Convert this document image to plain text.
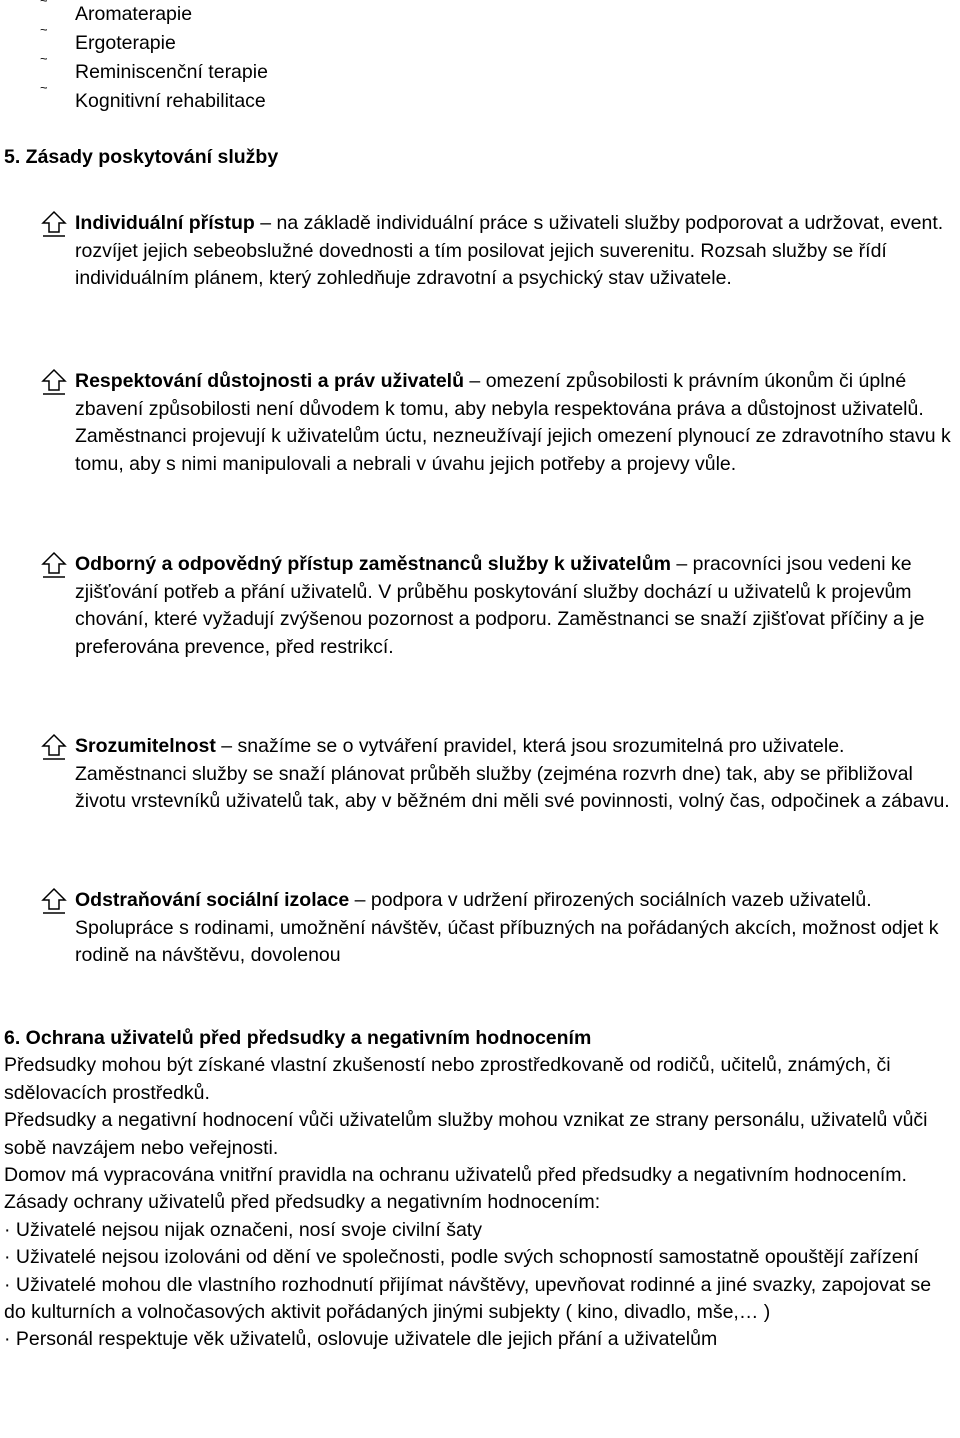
~
Aromaterapie
~
Ergoterapie
~
Reminiscenční terapie
~
Kognitivní rehabilitace
5. Zásady poskytování služby
Individuální přístup – na základě individuální práce s uživateli služby podporovat a udržovat, event. rozvíjet jejich sebeobslužné dovednosti a tím posilovat jejich suverenitu. Rozsah služby se řídí individuálním plánem, který zohledňuje zdravotní a psychický stav uživatele.
Respektování důstojnosti a práv uživatelů – omezení způsobilosti k právním úkonům či úplné zbavení způsobilosti není důvodem k tomu, aby nebyla respektována práva a důstojnost uživatelů. Zaměstnanci projevují k uživatelům úctu, nezneužívají jejich omezení plynoucí ze zdravotního stavu k tomu, aby s nimi manipulovali a nebrali v úvahu jejich potřeby a projevy vůle.
Odborný a odpovědný přístup zaměstnanců služby k uživatelům – pracovníci jsou vedeni ke zjišťování potřeb a přání uživatelů. V průběhu poskytování služby dochází u uživatelů k projevům chování, které vyžadují zvýšenou pozornost a podporu. Zaměstnanci se snaží zjišťovat příčiny a je preferována prevence, před restrikcí.
Srozumitelnost – snažíme se o vytváření pravidel, která jsou srozumitelná pro uživatele. Zaměstnanci služby se snaží plánovat průběh služby (zejména rozvrh dne) tak, aby se přibližoval životu vrstevníků uživatelů tak, aby v běžném dni měli své povinnosti, volný čas, odpočinek a zábavu.
Odstraňování sociální izolace – podpora v udržení přirozených sociálních vazeb uživatelů. Spolupráce s rodinami, umožnění návštěv, účast příbuzných na pořádaných akcích, možnost odjet k rodině na návštěvu, dovolenou
6. Ochrana uživatelů před předsudky a negativním hodnocením

Předsudky mohou být získané vlastní zkušeností nebo zprostředkovaně od rodičů, učitelů, známých, či sdělovacích prostředků.

Předsudky a negativní hodnocení vůči uživatelům služby mohou vznikat ze strany personálu, uživatelů vůči sobě navzájem nebo veřejnosti.

Domov má vypracována vnitřní pravidla na ochranu uživatelů před předsudky a negativním hodnocením.

Zásady ochrany uživatelů před předsudky a negativním hodnocením:

· Uživatelé nejsou nijak označeni, nosí svoje civilní šaty

· Uživatelé nejsou izolováni od dění ve společnosti, podle svých schopností samostatně opouštějí zařízení

· Uživatelé mohou dle vlastního rozhodnutí přijímat návštěvy, upevňovat rodinné a jiné svazky, zapojovat se do kulturních a volnočasových aktivit pořádaných jinými subjekty ( kino, divadlo, mše,… )

· Personál respektuje věk uživatelů, oslovuje uživatele dle jejich přání a uživatelům
